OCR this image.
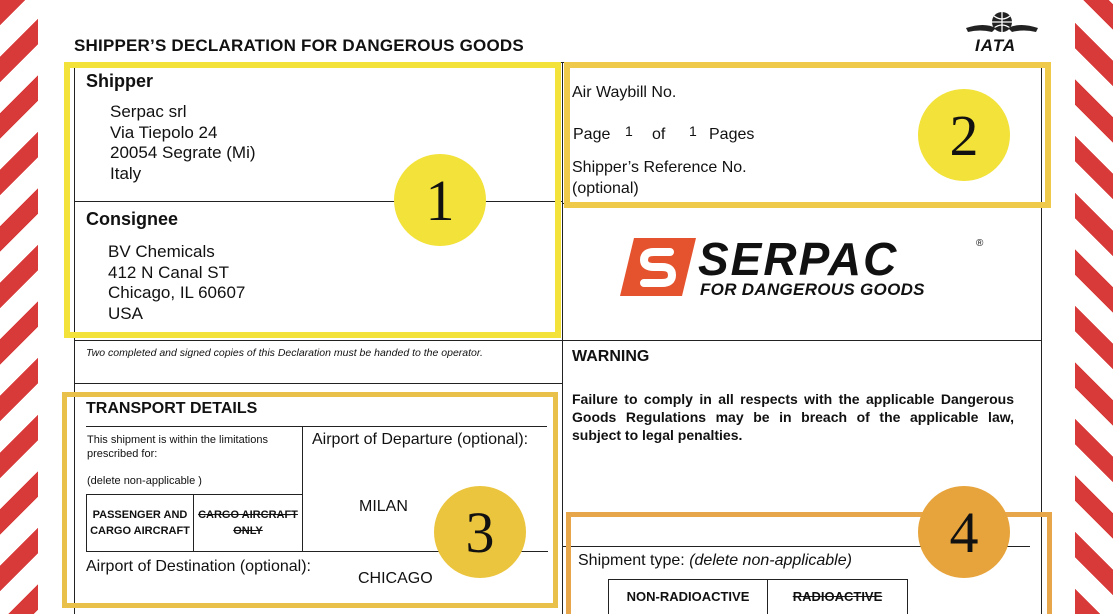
SHIPPER’S DECLARATION FOR DANGEROUS GOODS	IATA
Shipper
Serpac srl
Via Tiepolo 24
20054 Segrate (Mi)
Italy
Consignee
BV Chemicals
412 N Canal ST
Chicago, IL 60607
USA
1
Air Waybill No.
Page 1 of 1 Pages
Shipper’s Reference No.
(optional)
2
SERPAC	®
FOR DANGEROUS GOODS
Two completed and signed copies of this Declaration must be handed to the operator.	WARNING
Failure to comply in all respects with the applicable Dangerous Goods Regulations may be in breach of the applicable law, subject to legal penalties.
TRANSPORT DETAILS
This shipment is within the limitations prescribed for:
(delete non-applicable )
PASSENGER AND CARGO AIRCRAFT
CARGO AIRCRAFT ONLY
Airport of Departure (optional):
MILAN
Airport of Destination (optional):
CHICAGO
3	Shipment type: (delete non-applicable)
NON-RADIOACTIVE	RADIOACTIVE
4
